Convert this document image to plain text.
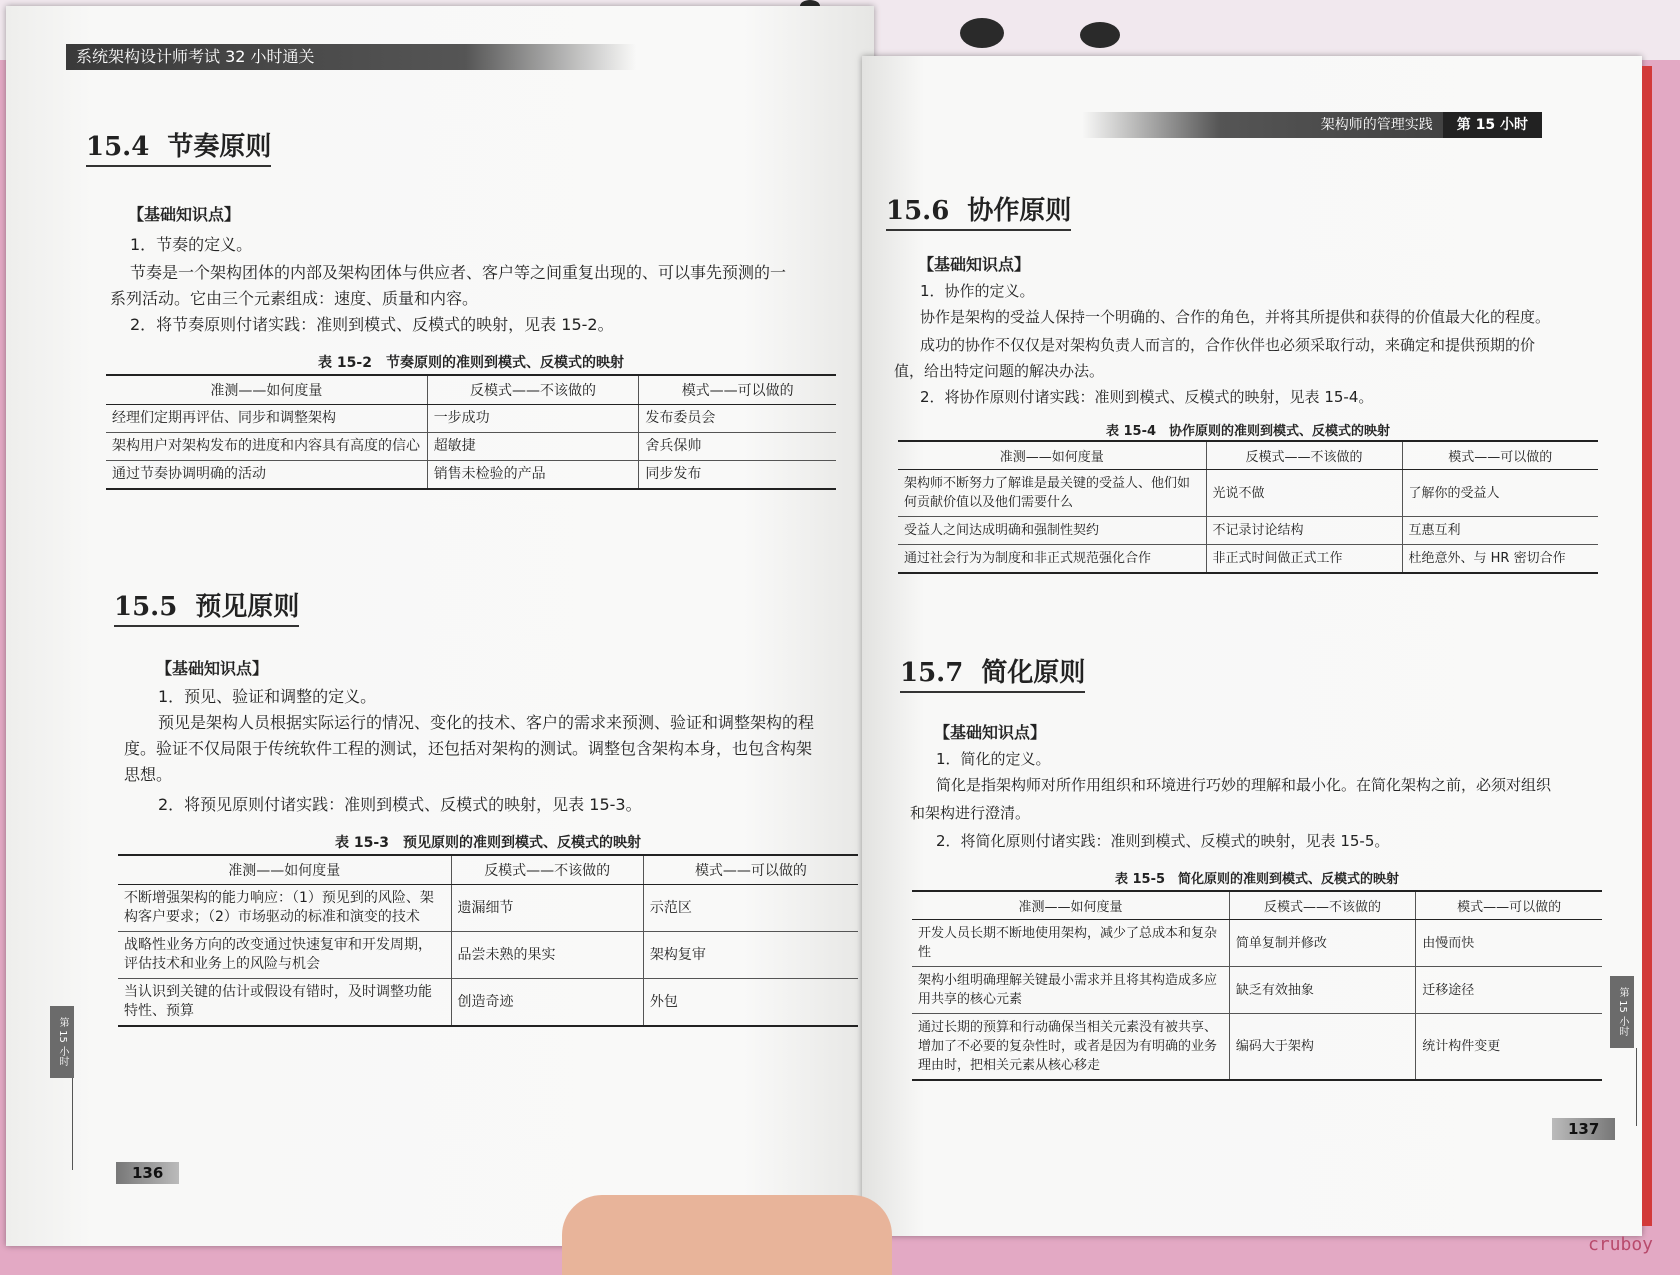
系统架构设计师考试 32 小时通关
15.4 节奏原则
【基础知识点】
1．节奏的定义。
节奏是一个架构团体的内部及架构团体与供应者、客户等之间重复出现的、可以事先预测的一
系列活动。它由三个元素组成：速度、质量和内容。
2．将节奏原则付诸实践：准则到模式、反模式的映射，见表 15-2。
表 15-2　节奏原则的准则到模式、反模式的映射
准测——如何度量	反模式——不该做的	模式——可以做的
经理们定期再评估、同步和调整架构	一步成功	发布委员会
架构用户对架构发布的进度和内容具有高度的信心	超敏捷	舍兵保帅
通过节奏协调明确的活动	销售未检验的产品	同步发布
15.5 预见原则
【基础知识点】
1．预见、验证和调整的定义。
预见是架构人员根据实际运行的情况、变化的技术、客户的需求来预测、验证和调整架构的程
度。验证不仅局限于传统软件工程的测试，还包括对架构的测试。调整包含架构本身，也包含构架
思想。
2．将预见原则付诸实践：准则到模式、反模式的映射，见表 15-3。
表 15-3　预见原则的准则到模式、反模式的映射
准测——如何度量	反模式——不该做的	模式——可以做的
不断增强架构的能力响应：（1）预见到的风险、架构客户要求；（2）市场驱动的标准和演变的技术	遗漏细节	示范区
战略性业务方向的改变通过快速复审和开发周期，评估技术和业务上的风险与机会	品尝未熟的果实	架构复审
当认识到关键的估计或假设有错时，及时调整功能特性、预算	创造奇迹	外包
第 15 小时
136
架构师的管理实践 第 15 小时
15.6 协作原则
【基础知识点】
1．协作的定义。
协作是架构的受益人保持一个明确的、合作的角色，并将其所提供和获得的价值最大化的程度。
成功的协作不仅仅是对架构负责人而言的，合作伙伴也必须采取行动，来确定和提供预期的价
值，给出特定问题的解决办法。
2．将协作原则付诸实践：准则到模式、反模式的映射，见表 15-4。
表 15-4　协作原则的准则到模式、反模式的映射
准测——如何度量	反模式——不该做的	模式——可以做的
架构师不断努力了解谁是最关键的受益人、他们如何贡献价值以及他们需要什么	光说不做	了解你的受益人
受益人之间达成明确和强制性契约	不记录讨论结构	互惠互利
通过社会行为为制度和非正式规范强化合作	非正式时间做正式工作	杜绝意外、与 HR 密切合作
15.7 简化原则
【基础知识点】
1．简化的定义。
简化是指架构师对所作用组织和环境进行巧妙的理解和最小化。在简化架构之前，必须对组织
和架构进行澄清。
2．将简化原则付诸实践：准则到模式、反模式的映射，见表 15-5。
表 15-5　简化原则的准则到模式、反模式的映射
准测——如何度量	反模式——不该做的	模式——可以做的
开发人员长期不断地使用架构，减少了总成本和复杂性	简单复制并修改	由慢而快
架构小组明确理解关键最小需求并且将其构造成多应用共享的核心元素	缺乏有效抽象	迁移途径
通过长期的预算和行动确保当相关元素没有被共享、增加了不必要的复杂性时，或者是因为有明确的业务理由时，把相关元素从核心移走	编码大于架构	统计构件变更
第 15 小时
137
cruboy
